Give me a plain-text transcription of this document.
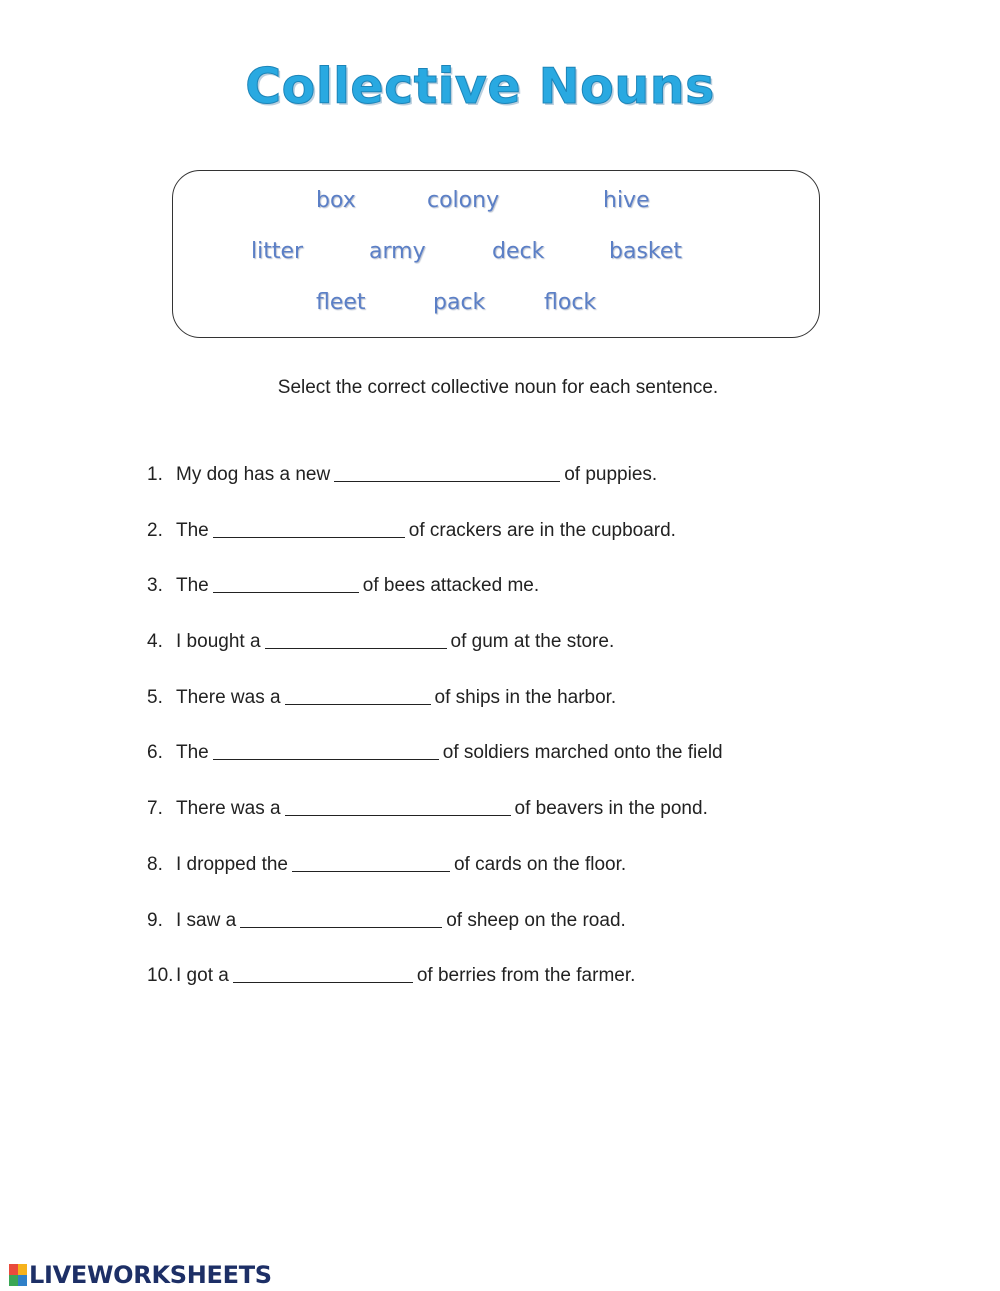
Collective Nouns
box	colony	hive
litter	army	deck	basket
fleet	pack	flock
Select the correct collective noun for each sentence.
1. My dog has a new	of puppies.
2. The	of crackers are in the cupboard.
3. The	of bees attacked me.
4. I bought a	of gum at the store.
5. There was a	of ships in the harbor.
6. The	of soldiers marched onto the field
7. There was a	of beavers in the pond.
8. I dropped the	of cards on the floor.
9. I saw a	of sheep on the road.
10. I got a	of berries from the farmer.
LIVEWORKSHEETS
